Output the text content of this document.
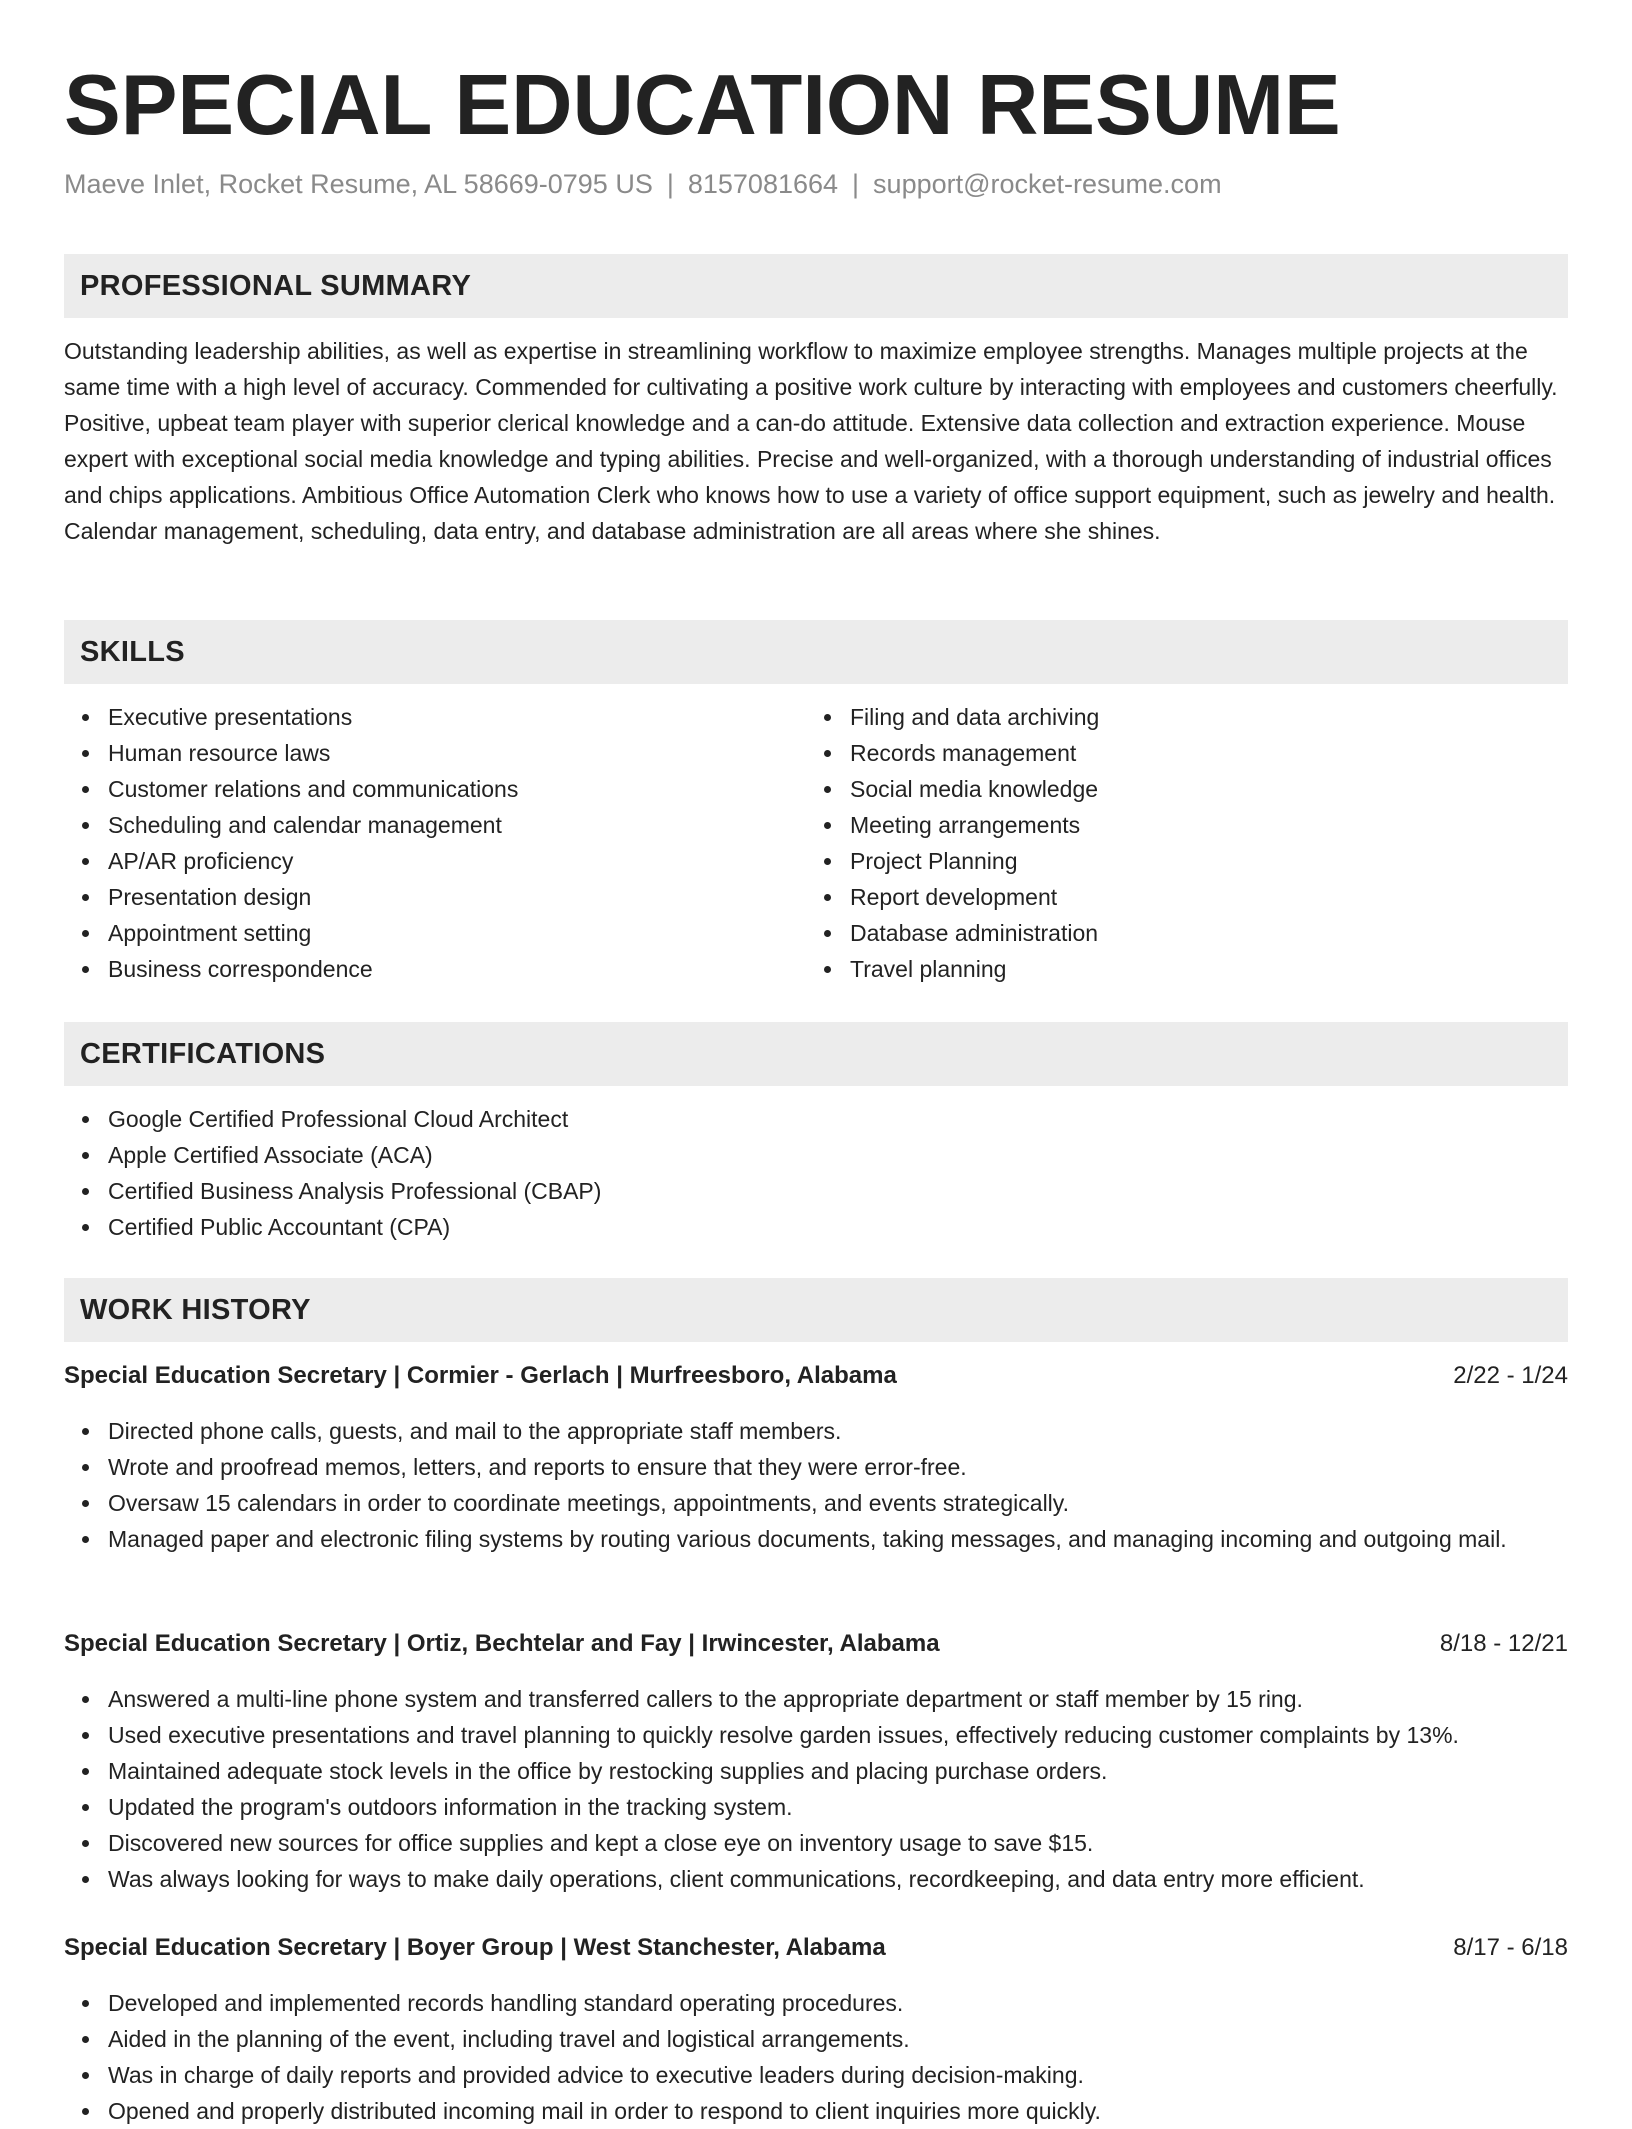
SPECIAL EDUCATION RESUME
Maeve Inlet, Rocket Resume, AL 58669-0795 US | 8157081664 | support@rocket-resume.com
PROFESSIONAL SUMMARY

Outstanding leadership abilities, as well as expertise in streamlining workflow to maximize employee strengths. Manages multiple projects at the same time with a high level of accuracy. Commended for cultivating a positive work culture by interacting with employees and customers cheerfully. Positive, upbeat team player with superior clerical knowledge and a can-do attitude. Extensive data collection and extraction experience. Mouse expert with exceptional social media knowledge and typing abilities. Precise and well-organized, with a thorough understanding of industrial offices and chips applications. Ambitious Office Automation Clerk who knows how to use a variety of office support equipment, such as jewelry and health. Calendar management, scheduling, data entry, and database administration are all areas where she shines.

SKILLS
Executive presentations
Human resource laws
Customer relations and communications
Scheduling and calendar management
AP/AR proficiency
Presentation design
Appointment setting
Business correspondence
Filing and data archiving
Records management
Social media knowledge
Meeting arrangements
Project Planning
Report development
Database administration
Travel planning
CERTIFICATIONS
Google Certified Professional Cloud Architect
Apple Certified Associate (ACA)
Certified Business Analysis Professional (CBAP)
Certified Public Accountant (CPA)
WORK HISTORY
Special Education Secretary | Cormier - Gerlach | Murfreesboro, Alabama	2/22 - 1/24
Directed phone calls, guests, and mail to the appropriate staff members.
Wrote and proofread memos, letters, and reports to ensure that they were error-free.
Oversaw 15 calendars in order to coordinate meetings, appointments, and events strategically.
Managed paper and electronic filing systems by routing various documents, taking messages, and managing incoming and outgoing mail.
Special Education Secretary | Ortiz, Bechtelar and Fay | Irwincester, Alabama	8/18 - 12/21
Answered a multi-line phone system and transferred callers to the appropriate department or staff member by 15 ring.
Used executive presentations and travel planning to quickly resolve garden issues, effectively reducing customer complaints by 13%.
Maintained adequate stock levels in the office by restocking supplies and placing purchase orders.
Updated the program's outdoors information in the tracking system.
Discovered new sources for office supplies and kept a close eye on inventory usage to save $15.
Was always looking for ways to make daily operations, client communications, recordkeeping, and data entry more efficient.
Special Education Secretary | Boyer Group | West Stanchester, Alabama	8/17 - 6/18
Developed and implemented records handling standard operating procedures.
Aided in the planning of the event, including travel and logistical arrangements.
Was in charge of daily reports and provided advice to executive leaders during decision-making.
Opened and properly distributed incoming mail in order to respond to client inquiries more quickly.
